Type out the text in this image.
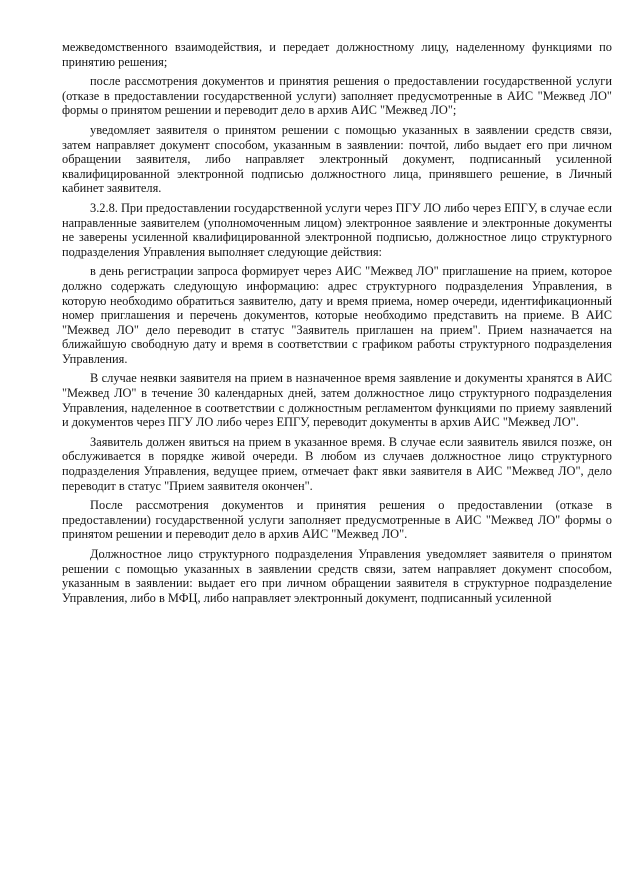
межведомственного взаимодействия, и передает должностному лицу, наделенному функциями по принятию решения;

после рассмотрения документов и принятия решения о предоставлении государственной услуги (отказе в предоставлении государственной услуги) заполняет предусмотренные в АИС "Межвед ЛО" формы о принятом решении и переводит дело в архив АИС "Межвед ЛО";

уведомляет заявителя о принятом решении с помощью указанных в заявлении средств связи, затем направляет документ способом, указанным в заявлении: почтой, либо выдает его при личном обращении заявителя, либо направляет электронный документ, подписанный усиленной квалифицированной электронной подписью должностного лица, принявшего решение, в Личный кабинет заявителя.

3.2.8. При предоставлении государственной услуги через ПГУ ЛО либо через ЕПГУ, в случае если направленные заявителем (уполномоченным лицом) электронное заявление и электронные документы не заверены усиленной квалифицированной электронной подписью, должностное лицо структурного подразделения Управления выполняет следующие действия:

в день регистрации запроса формирует через АИС "Межвед ЛО" приглашение на прием, которое должно содержать следующую информацию: адрес структурного подразделения Управления, в которую необходимо обратиться заявителю, дату и время приема, номер очереди, идентификационный номер приглашения и перечень документов, которые необходимо представить на приеме. В АИС "Межвед ЛО" дело переводит в статус "Заявитель приглашен на прием". Прием назначается на ближайшую свободную дату и время в соответствии с графиком работы структурного подразделения Управления.

В случае неявки заявителя на прием в назначенное время заявление и документы хранятся в АИС "Межвед ЛО" в течение 30 календарных дней, затем должностное лицо структурного подразделения Управления, наделенное в соответствии с должностным регламентом функциями по приему заявлений и документов через ПГУ ЛО либо через ЕПГУ, переводит документы в архив АИС "Межвед ЛО".

Заявитель должен явиться на прием в указанное время. В случае если заявитель явился позже, он обслуживается в порядке живой очереди. В любом из случаев должностное лицо структурного подразделения Управления, ведущее прием, отмечает факт явки заявителя в АИС "Межвед ЛО", дело переводит в статус "Прием заявителя окончен".

После рассмотрения документов и принятия решения о предоставлении (отказе в предоставлении) государственной услуги заполняет предусмотренные в АИС "Межвед ЛО" формы о принятом решении и переводит дело в архив АИС "Межвед ЛО".

Должностное лицо структурного подразделения Управления уведомляет заявителя о принятом решении с помощью указанных в заявлении средств связи, затем направляет документ способом, указанным в заявлении: выдает его при личном обращении заявителя в структурное подразделение Управления, либо в МФЦ, либо направляет электронный документ, подписанный усиленной
